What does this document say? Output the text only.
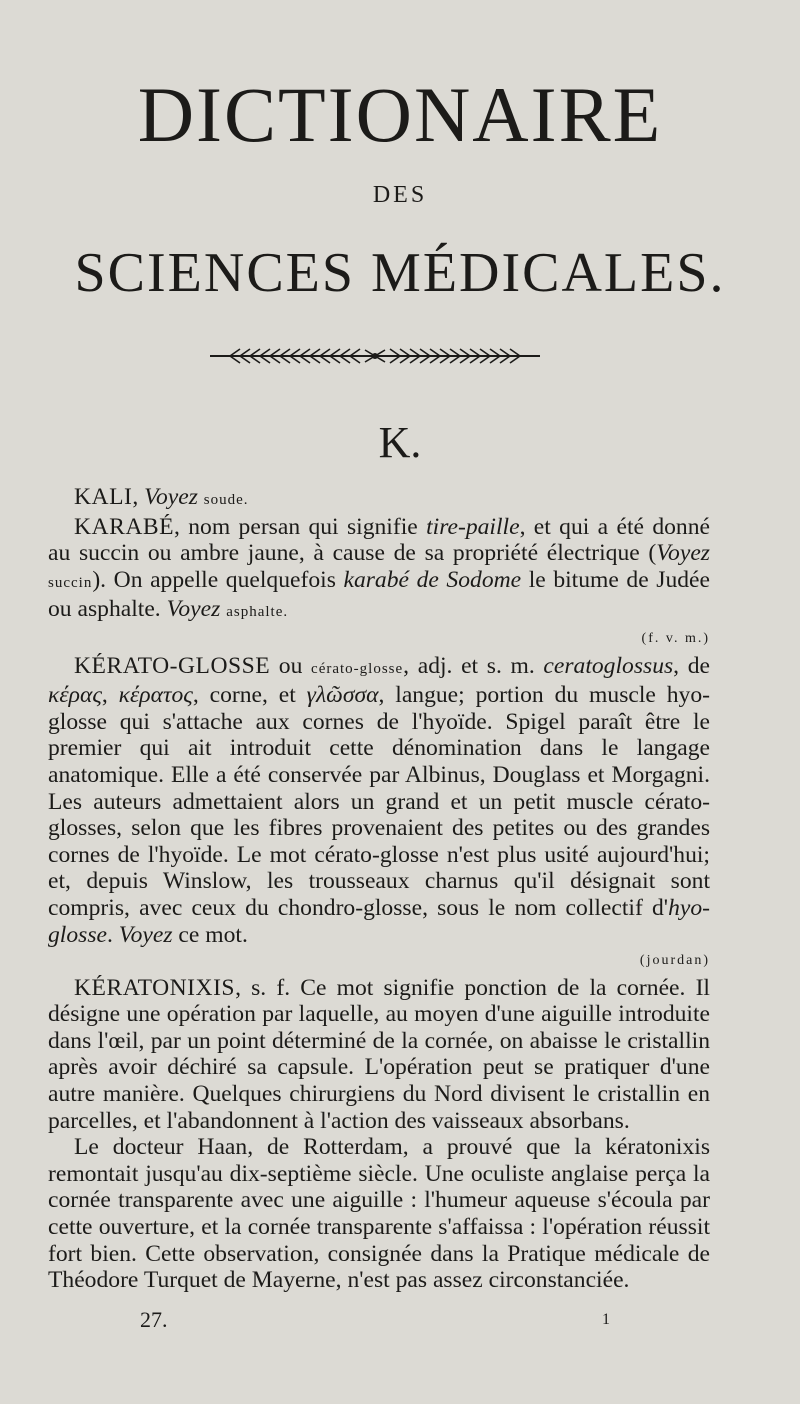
DICTIONAIRE
DES
SCIENCES MÉDICALES.
K.

KALI, Voyez soude.

KARABÉ, nom persan qui signifie tire-paille, et qui a été donné au succin ou ambre jaune, à cause de sa propriété électrique (Voyez succin). On appelle quelquefois karabé de Sodome le bitume de Judée ou asphalte. Voyez asphalte.

(f. v. m.)

KÉRATO-GLOSSE ou cérato-glosse, adj. et s. m. ceratoglossus, de κέρας, κέρατος, corne, et γλῶσσα, langue; portion du muscle hyo-glosse qui s'attache aux cornes de l'hyoïde. Spigel paraît être le premier qui ait introduit cette dénomination dans le langage anatomique. Elle a été conservée par Albinus, Douglass et Morgagni. Les auteurs admettaient alors un grand et un petit muscle cérato-glosses, selon que les fibres provenaient des petites ou des grandes cornes de l'hyoïde. Le mot cérato-glosse n'est plus usité aujourd'hui; et, depuis Winslow, les trousseaux charnus qu'il désignait sont compris, avec ceux du chondro-glosse, sous le nom collectif d'hyo-glosse. Voyez ce mot.

(jourdan)

KÉRATONIXIS, s. f. Ce mot signifie ponction de la cornée. Il désigne une opération par laquelle, au moyen d'une aiguille introduite dans l'œil, par un point déterminé de la cornée, on abaisse le cristallin après avoir déchiré sa capsule. L'opération peut se pratiquer d'une autre manière. Quelques chirurgiens du Nord divisent le cristallin en parcelles, et l'abandonnent à l'action des vaisseaux absorbans.

Le docteur Haan, de Rotterdam, a prouvé que la kératonixis remontait jusqu'au dix-septième siècle. Une oculiste anglaise perça la cornée transparente avec une aiguille : l'humeur aqueuse s'écoula par cette ouverture, et la cornée transparente s'affaissa : l'opération réussit fort bien. Cette observation, consignée dans la Pratique médicale de Théodore Turquet de Mayerne, n'est pas assez circonstanciée.

27.	1
